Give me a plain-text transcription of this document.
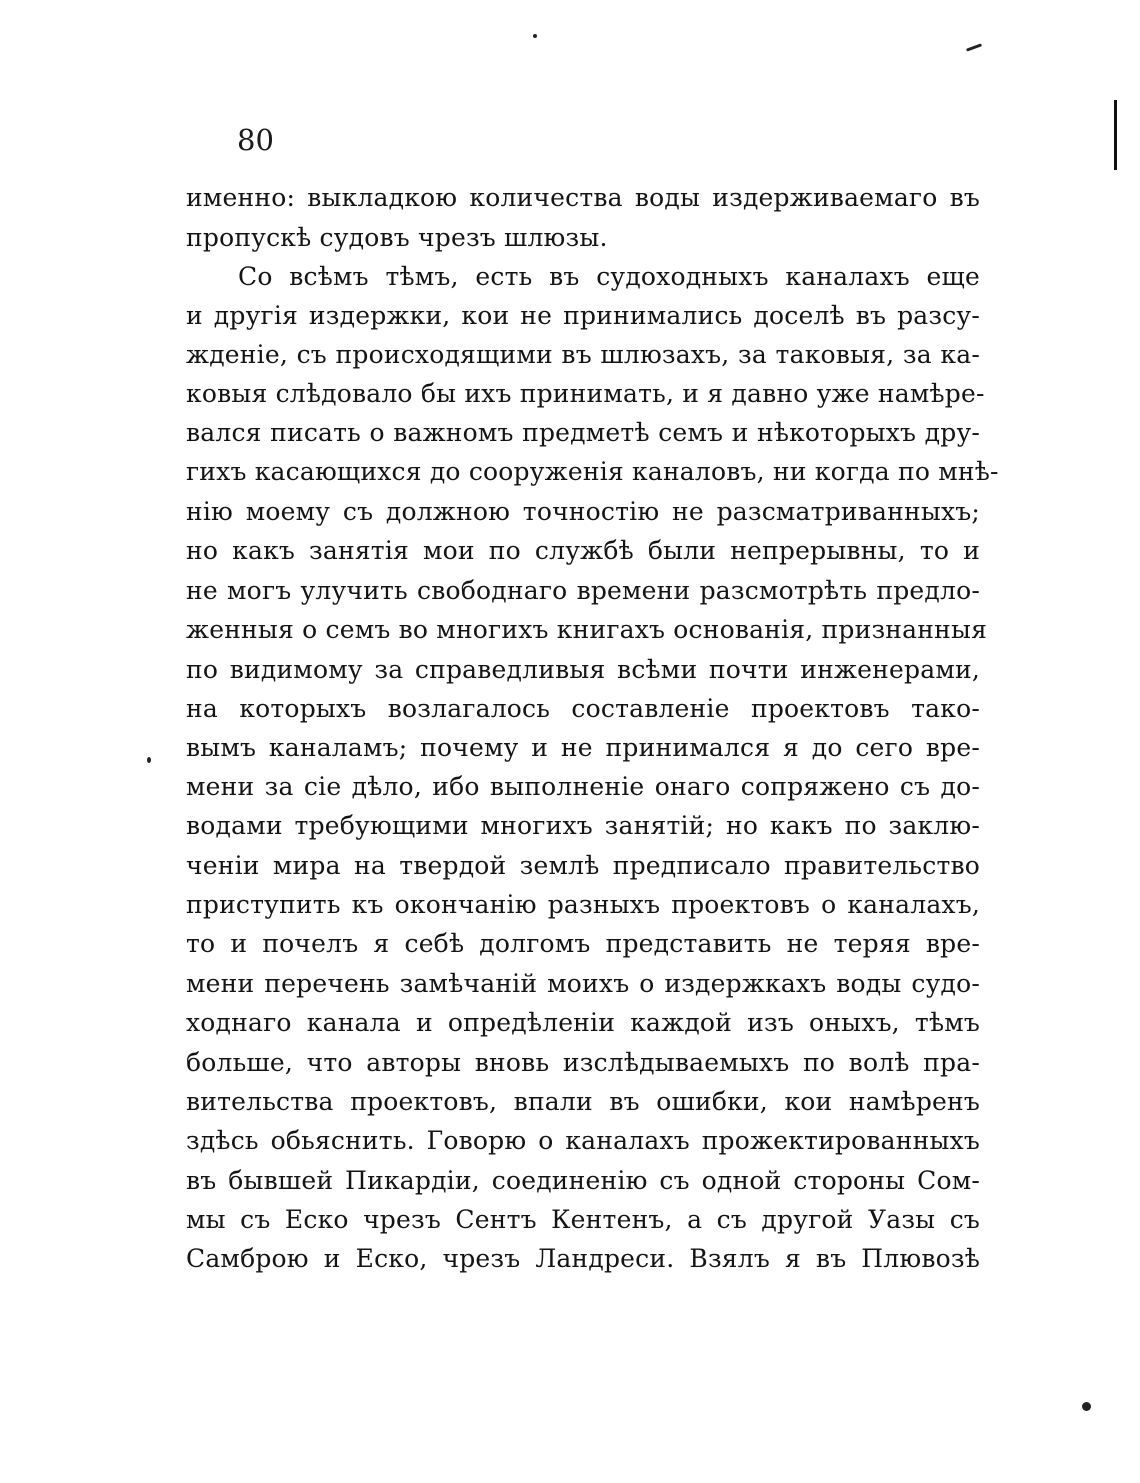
80
именно: выкладкою количества воды издерживаемаго въ
пропускѣ судовъ чрезъ шлюзы.
Со всѣмъ тѣмъ, есть въ судоходныхъ каналахъ еще
и другія издержки, кои не принимались доселѣ въ разсу-
жденіе, съ происходящими въ шлюзахъ, за таковыя, за ка-
ковыя слѣдовало бы ихъ принимать, и я давно уже намѣре-
вался писать о важномъ предметѣ семъ и нѣкоторыхъ дру-
гихъ касающихся до сооруженія каналовъ, ни когда по мнѣ-
нію моему съ должною точностію не разсматриванныхъ;
но какъ занятія мои по службѣ были непрерывны, то и
не могъ улучить свободнаго времени разсмотрѣть предло-
женныя о семъ во многихъ книгахъ основанія, признанныя
по видимому за справедливыя всѣми почти инженерами,
на которыхъ возлагалось составленіе проектовъ тако-
вымъ каналамъ; почему и не принимался я до сего вре-
мени за сіе дѣло, ибо выполненіе онаго сопряжено съ до-
водами требующими многихъ занятій; но какъ по заклю-
ченіи мира на твердой землѣ предписало правительство
приступить къ окончанію разныхъ проектовъ о каналахъ,
то и почелъ я себѣ долгомъ представить не теряя вре-
мени перечень замѣчаній моихъ о издержкахъ воды судо-
ходнаго канала и опредѣленіи каждой изъ оныхъ, тѣмъ
больше, что авторы вновь изслѣдываемыхъ по волѣ пра-
вительства проектовъ, впали въ ошибки, кои намѣренъ
здѣсь обьяснить. Говорю о каналахъ прожектированныхъ
въ бывшей Пикардіи, соединенію съ одной стороны Сом-
мы съ Еско чрезъ Сентъ Кентенъ, а съ другой Уазы съ
Самброю и Еско, чрезъ Ландреси. Взялъ я въ Плювозѣ
